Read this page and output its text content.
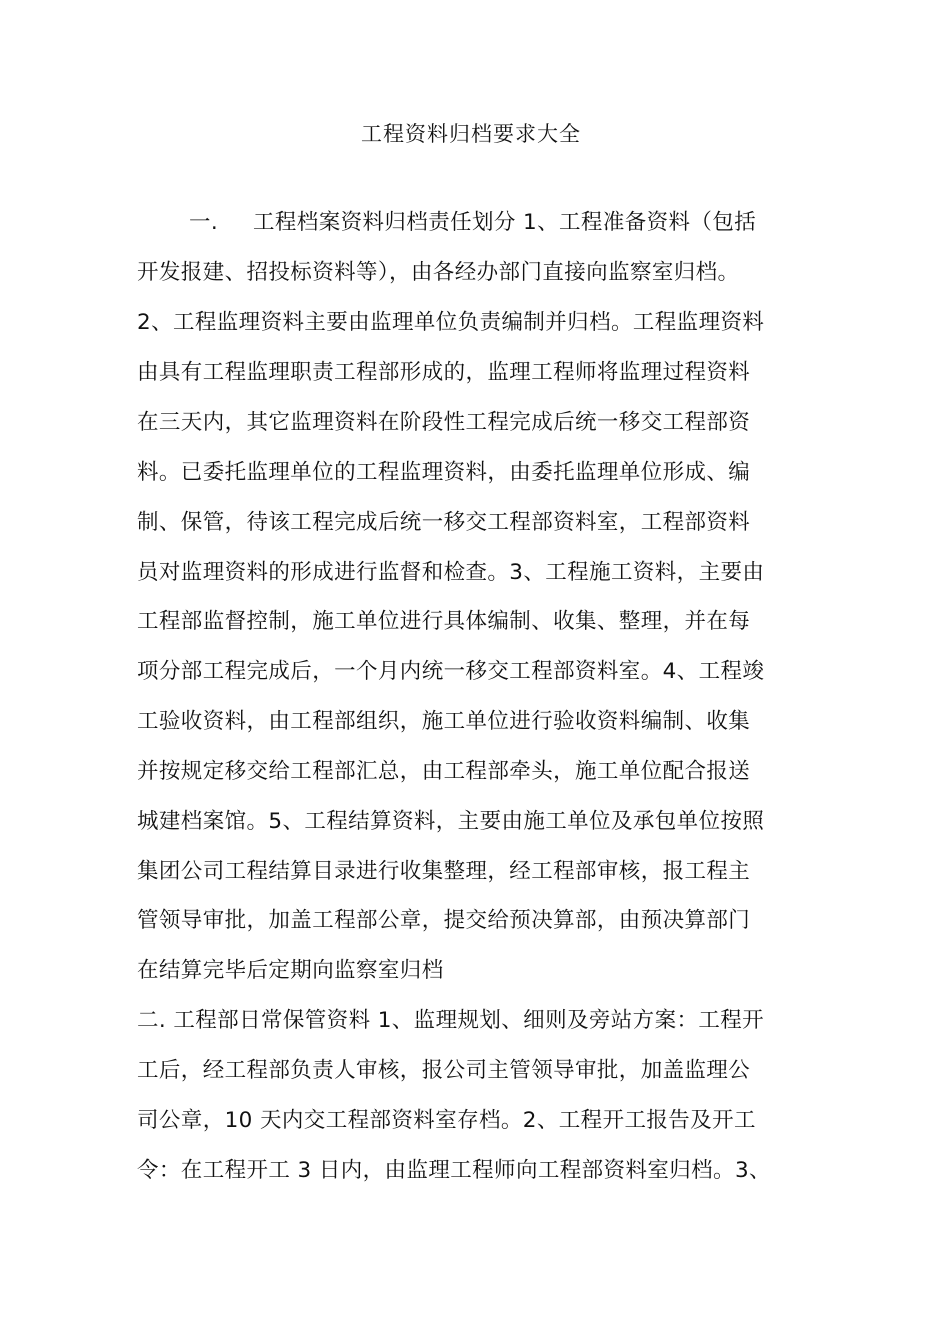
工程资料归档要求大全
一. 工程档案资料归档责任划分 1、工程准备资料（包括
开发报建、招投标资料等），由各经办部门直接向监察室归档。
2、工程监理资料主要由监理单位负责编制并归档。工程监理资料
由具有工程监理职责工程部形成的，监理工程师将监理过程资料
在三天内，其它监理资料在阶段性工程完成后统一移交工程部资
料。已委托监理单位的工程监理资料，由委托监理单位形成、编
制、保管，待该工程完成后统一移交工程部资料室，工程部资料
员对监理资料的形成进行监督和检查。3、工程施工资料，主要由
工程部监督控制，施工单位进行具体编制、收集、整理，并在每
项分部工程完成后，一个月内统一移交工程部资料室。4、工程竣
工验收资料，由工程部组织，施工单位进行验收资料编制、收集
并按规定移交给工程部汇总，由工程部牵头，施工单位配合报送
城建档案馆。5、工程结算资料，主要由施工单位及承包单位按照
集团公司工程结算目录进行收集整理，经工程部审核，报工程主
管领导审批，加盖工程部公章，提交给预决算部，由预决算部门
在结算完毕后定期向监察室归档
二. 工程部日常保管资料 1、监理规划、细则及旁站方案：工程开
工后，经工程部负责人审核，报公司主管领导审批，加盖监理公
司公章，10 天内交工程部资料室存档。2、工程开工报告及开工
令：在工程开工 3 日内，由监理工程师向工程部资料室归档。3、
